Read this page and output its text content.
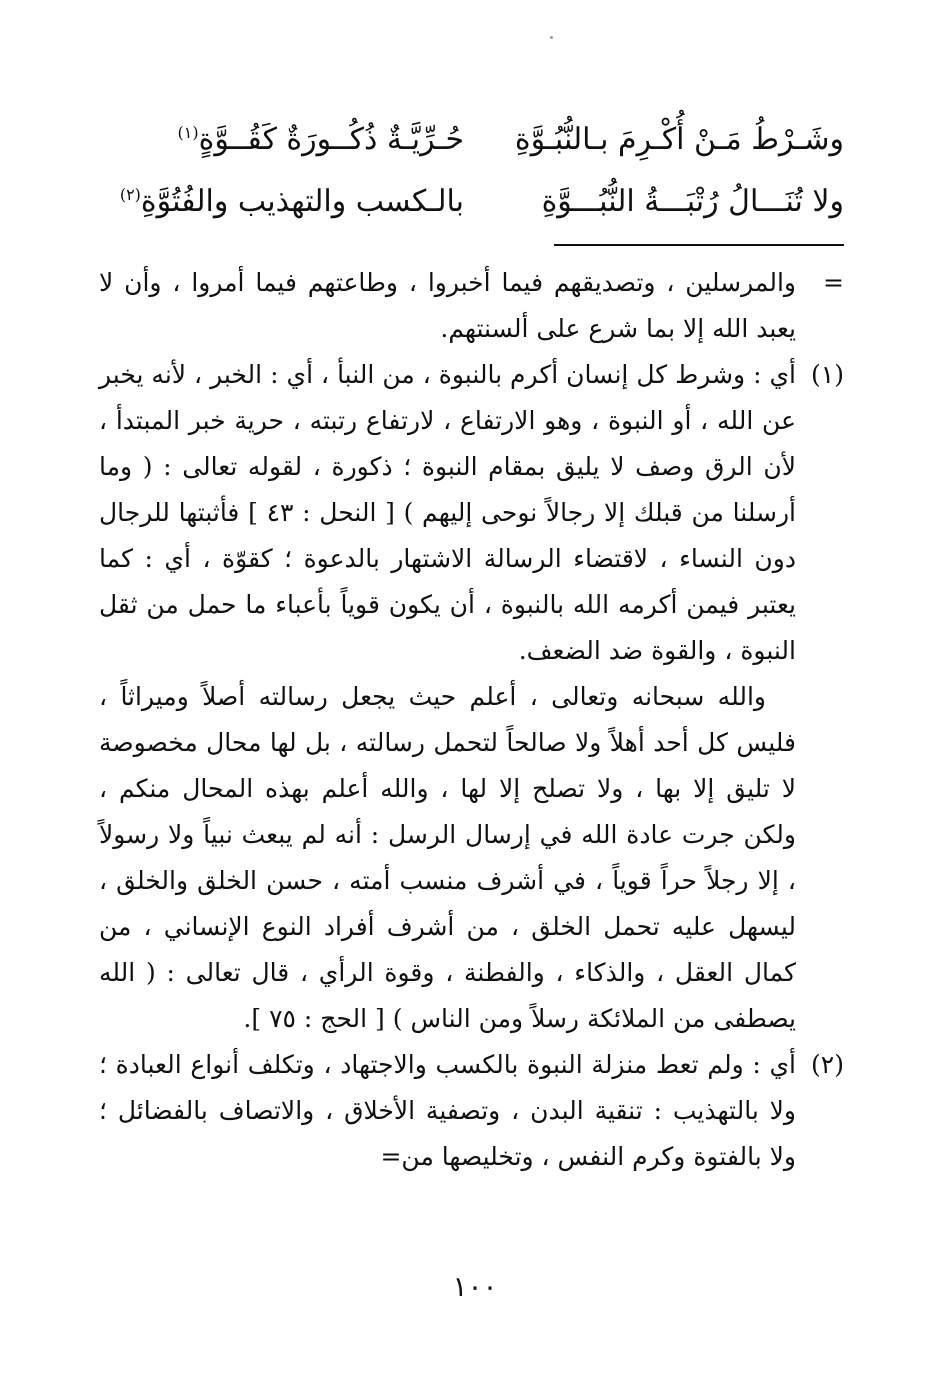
وشَـرْطُ مَـنْ أُكْـرِمَ بـالنُّبُـوَّةِ
حُـرِّيَّـةٌ ذُكُــورَةٌ كَقُــوَّةٍ$^{(١)}$
ولا تُنَـــالُ رُتْبَـــةُ النُّبُـــوَّةِ
بالـكسب والتهذيب والفُتُوَّةِ$^{(٢)}$
=

والمرسلين ، وتصديقهم فيما أخبروا ، وطاعتهم فيما أمروا ، وأن لا يعبد الله إلا بما شرع على ألسنتهم.

(١)

أي : وشرط كل إنسان أكرم بالنبوة ، من النبأ ، أي : الخبر ، لأنه يخبر عن الله ، أو النبوة ، وهو الارتفاع ، لارتفاع رتبته ، حرية خبر المبتدأ ، لأن الرق وصف لا يليق بمقام النبوة ؛ ذكورة ، لقوله تعالى : ( وما أرسلنا من قبلك إلا رجالاً نوحى إليهم ) [ النحل : ٤٣ ] فأثبتها للرجال دون النساء ، لاقتضاء الرسالة الاشتهار بالدعوة ؛ كقوّة ، أي : كما يعتبر فيمن أكرمه الله بالنبوة ، أن يكون قوياً بأعباء ما حمل من ثقل النبوة ، والقوة ضد الضعف.

والله سبحانه وتعالى ، أعلم حيث يجعل رسالته أصلاً وميراثاً ، فليس كل أحد أهلاً ولا صالحاً لتحمل رسالته ، بل لها محال مخصوصة لا تليق إلا بها ، ولا تصلح إلا لها ، والله أعلم بهذه المحال منكم ، ولكن جرت عادة الله في إرسال الرسل : أنه لم يبعث نبياً ولا رسولاً ، إلا رجلاً حراً قوياً ، في أشرف منسب أمته ، حسن الخلق والخلق ، ليسهل عليه تحمل الخلق ، من أشرف أفراد النوع الإنساني ، من كمال العقل ، والذكاء ، والفطنة ، وقوة الرأي ، قال تعالى : ( الله يصطفى من الملائكة رسلاً ومن الناس ) [ الحج : ٧٥ ].

(٢)

أي : ولم تعط منزلة النبوة بالكسب والاجتهاد ، وتكلف أنواع العبادة ؛ ولا بالتهذيب : تنقية البدن ، وتصفية الأخلاق ، والاتصاف بالفضائل ؛ ولا بالفتوة وكرم النفس ، وتخليصها من=

١٠٠
